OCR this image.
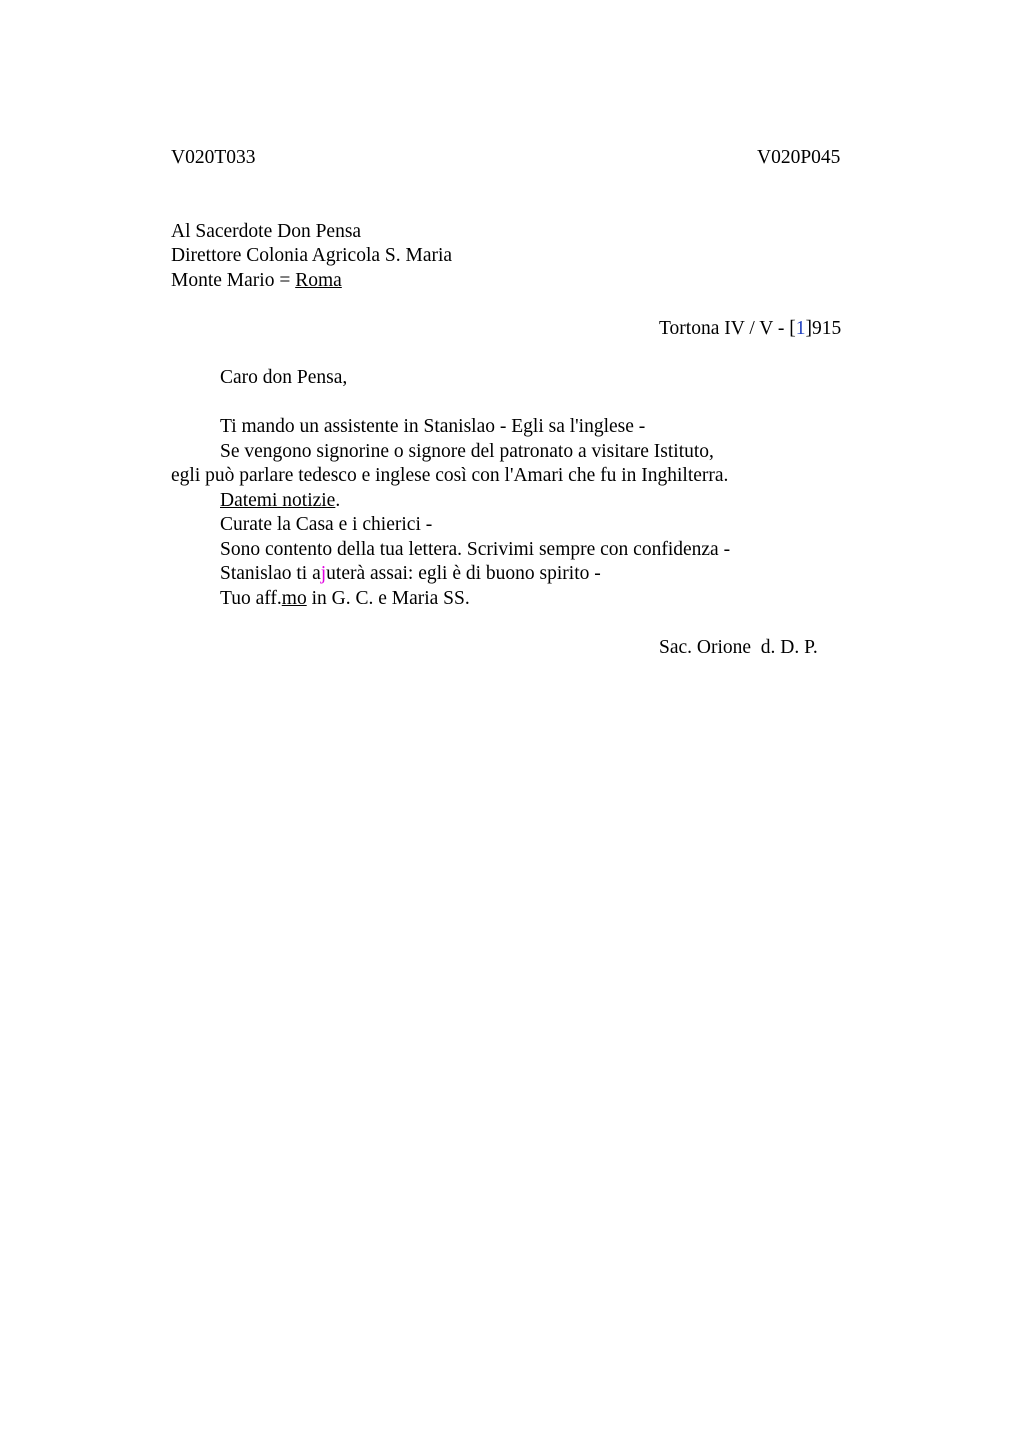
V020T033	V020P045
Al Sacerdote Don Pensa
Direttore Colonia Agricola S. Maria
Monte Mario = Roma
Tortona IV / V - [1]915
Caro don Pensa,
Ti mando un assistente in Stanislao - Egli sa l'inglese -
Se vengono signorine o signore del patronato a visitare Istituto,
egli può parlare tedesco e inglese così con l'Amari che fu in Inghilterra.
Datemi notizie.
Curate la Casa e i chierici -
Sono contento della tua lettera. Scrivimi sempre con confidenza -
Stanislao ti ajuterà assai: egli è di buono spirito -
Tuo aff.mo in G. C. e Maria SS.
Sac. Orione  d. D. P.
